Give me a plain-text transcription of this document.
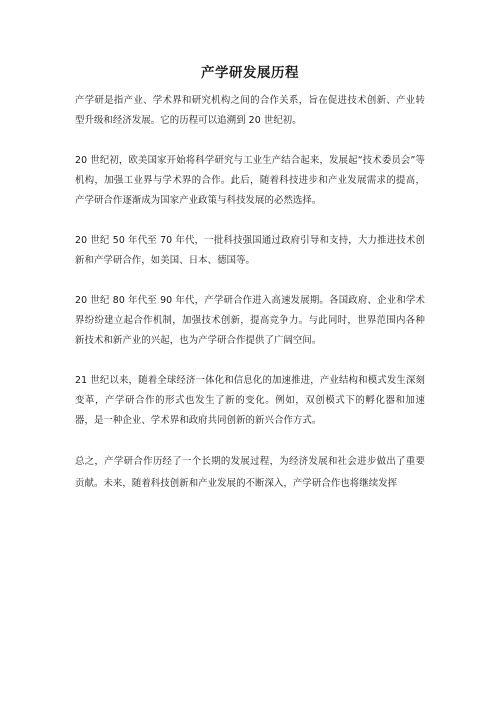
产学研发展历程

产学研是指产业、学术界和研究机构之间的合作关系，旨在促进技术创新、产业转型升级和经济发展。它的历程可以追溯到 20 世纪初。

20 世纪初，欧美国家开始将科学研究与工业生产结合起来，发展起“技术委员会”等机构，加强工业界与学术界的合作。此后，随着科技进步和产业发展需求的提高，产学研合作逐渐成为国家产业政策与科技发展的必然选择。

20 世纪 50 年代至 70 年代，一批科技强国通过政府引导和支持，大力推进技术创新和产学研合作，如美国、日本、德国等。

20 世纪 80 年代至 90 年代，产学研合作进入高速发展期。各国政府、企业和学术界纷纷建立起合作机制，加强技术创新，提高竞争力。与此同时，世界范围内各种新技术和新产业的兴起，也为产学研合作提供了广阔空间。

21 世纪以来，随着全球经济一体化和信息化的加速推进，产业结构和模式发生深刻变革，产学研合作的形式也发生了新的变化。例如，双创模式下的孵化器和加速器，是一种企业、学术界和政府共同创新的新兴合作方式。

总之，产学研合作历经了一个长期的发展过程，为经济发展和社会进步做出了重要贡献。未来，随着科技创新和产业发展的不断深入，产学研合作也将继续发挥
